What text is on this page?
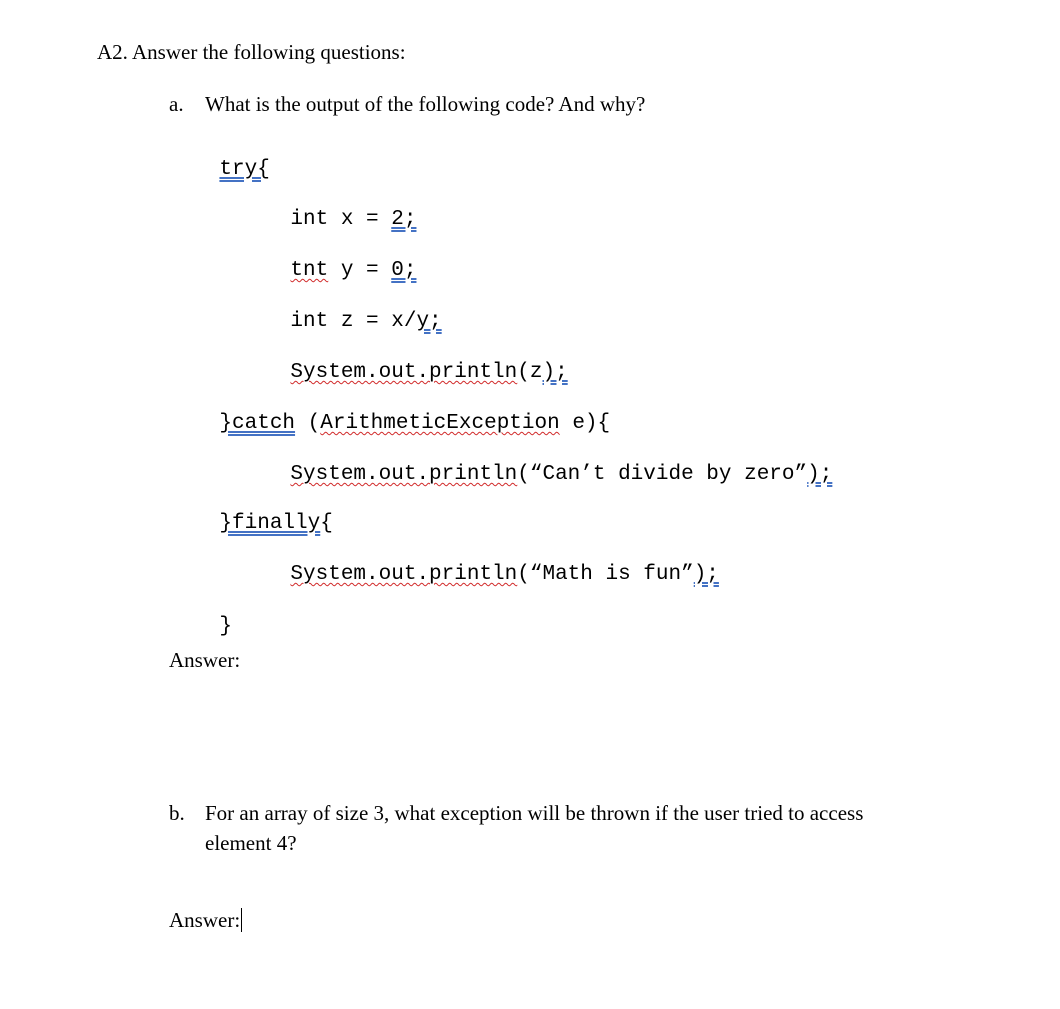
A2. Answer the following questions:
a. What is the output of the following code? And why?

try{

int x = 2;

tnt y = 0;

int z = x/y;

System.out.println(z);

}catch (ArithmeticException e){

System.out.println(“Can’t divide by zero”);

}finally{

System.out.println(“Math is fun”);

}

Answer:
b. For an array of size 3, what exception will be thrown if the user tried to access
element 4?
Answer:
